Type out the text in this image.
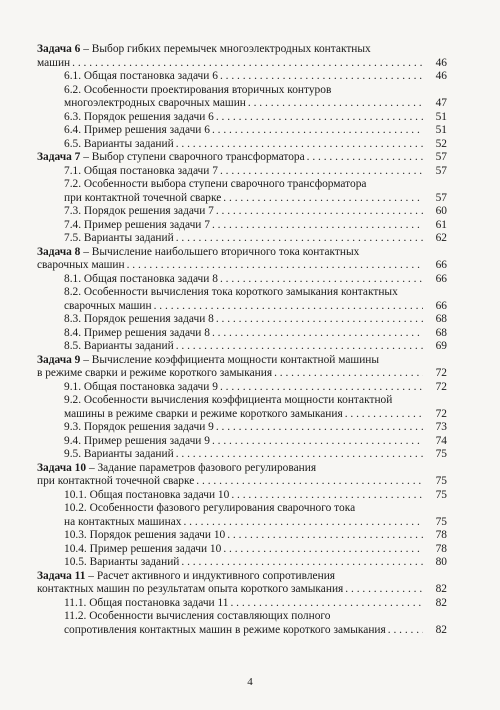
Задача 6 – Выбор гибких перемычек многоэлектродных контактных
машин . . .	46
6.1. Общая постановка задачи 6 . . .	46
6.2. Особенности проектирования вторичных контуров
многоэлектродных сварочных машин . . .	47
6.3. Порядок решения задачи 6 . . .	51
6.4. Пример решения задачи 6 . . .	51
6.5. Варианты заданий . . .	52
Задача 7 – Выбор ступени сварочного трансформатора . . .	57
7.1. Общая постановка задачи 7 . . .	57
7.2. Особенности выбора ступени сварочного трансформатора
при контактной точечной сварке . . .	57
7.3. Порядок решения задачи 7 . . .	60
7.4. Пример решения задачи 7 . . .	61
7.5. Варианты заданий . . .	62
Задача 8 – Вычисление наибольшего вторичного тока контактных
сварочных машин . . .	66
8.1. Общая постановка задачи 8 . . .	66
8.2. Особенности вычисления тока короткого замыкания контактных
сварочных машин . . .	66
8.3. Порядок решения задачи 8 . . .	68
8.4. Пример решения задачи 8 . . .	68
8.5. Варианты заданий . . .	69
Задача 9 – Вычисление коэффициента мощности контактной машины
в режиме сварки и режиме короткого замыкания . . .	72
9.1. Общая постановка задачи 9 . . .	72
9.2. Особенности вычисления коэффициента мощности контактной
машины в режиме сварки и режиме короткого замыкания . . .	72
9.3. Порядок решения задачи 9 . . .	73
9.4. Пример решения задачи 9 . . .	74
9.5. Варианты заданий . . .	75
Задача 10 – Задание параметров фазового регулирования
при контактной точечной сварке . . .	75
10.1. Общая постановка задачи 10 . . .	75
10.2. Особенности фазового регулирования сварочного тока
на контактных машинах . . .	75
10.3. Порядок решения задачи 10 . . .	78
10.4. Пример решения задачи 10 . . .	78
10.5. Варианты заданий . . .	80
Задача 11 – Расчет активного и индуктивного сопротивления
контактных машин по результатам опыта короткого замыкания . . .	82
11.1. Общая постановка задачи 11 . . .	82
11.2. Особенности вычисления составляющих полного
сопротивления контактных машин в режиме короткого замыкания . . .	82
4
